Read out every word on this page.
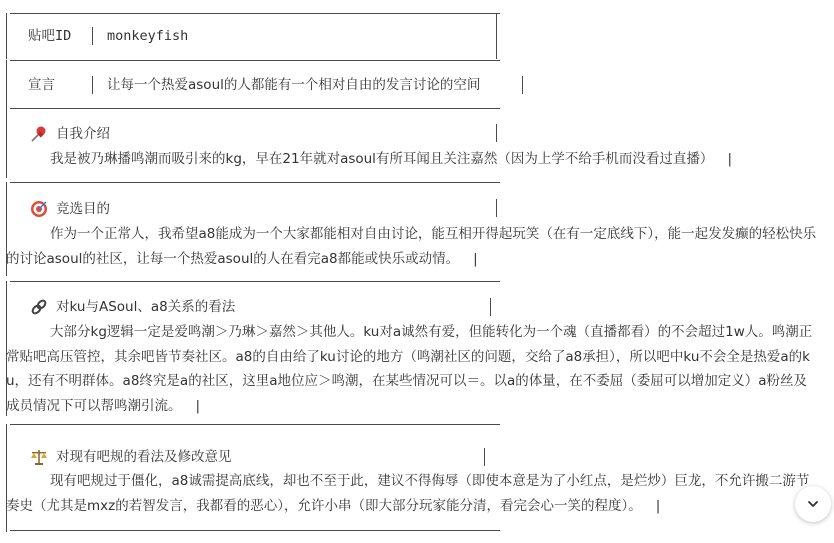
贴吧ID	monkeyfish
宣言	让每一个热爱asoul的人都能有一个相对自由的发言讨论的空间
自我介绍
我是被乃琳播鸣潮而吸引来的kg，早在21年就对asoul有所耳闻且关注嘉然（因为上学不给手机而没看过直播） |
竞选目的
作为一个正常人，我希望a8能成为一个大家都能相对自由讨论，能互相开得起玩笑（在有一定底线下），能一起发发癫的轻松快乐的讨论asoul的社区，让每一个热爱asoul的人在看完a8都能或快乐或动情。 |
对ku与ASoul、a8关系的看法
大部分kg逻辑一定是爱鸣潮＞乃琳＞嘉然＞其他人。ku对a诚然有爱，但能转化为一个魂（直播都看）的不会超过1w人。鸣潮正常贴吧高压管控，其余吧皆节奏社区。a8的自由给了ku讨论的地方（鸣潮社区的问题，交给了a8承担），所以吧中ku不会全是热爱a的ku，还有不明群体。a8终究是a的社区，这里a地位应＞鸣潮，在某些情况可以＝。以a的体量，在不委屈（委屈可以增加定义）a粉丝及成员情况下可以帮鸣潮引流。 |
对现有吧规的看法及修改意见
现有吧规过于僵化，a8诚需提高底线，却也不至于此，建议不得侮辱（即使本意是为了小红点，是烂炒）巨龙，不允许搬二游节奏史（尤其是mxz的若智发言，我都看的恶心），允许小串（即大部分玩家能分清，看完会心一笑的程度）。 |
